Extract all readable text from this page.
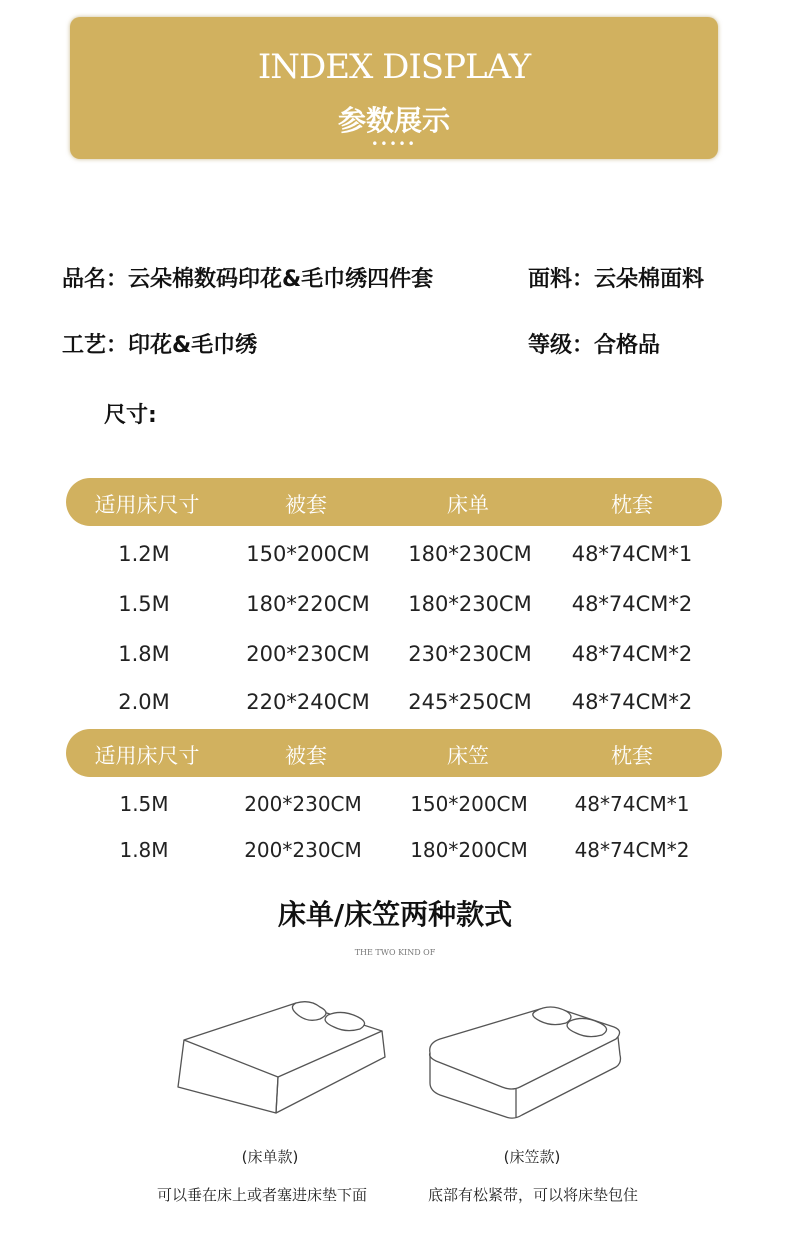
INDEX DISPLAY
参数展示
•••••
品名：云朵棉数码印花&毛巾绣四件套	面料：云朵棉面料
工艺：印花&毛巾绣	等级：合格品
尺寸:
适用床尺寸	被套	床单	枕套
1.2M	150*200CM	180*230CM	48*74CM*1
1.5M	180*220CM	180*230CM	48*74CM*2
1.8M	200*230CM	230*230CM	48*74CM*2
2.0M	220*240CM	245*250CM	48*74CM*2
适用床尺寸	被套	床笠	枕套
1.5M	200*230CM	150*200CM	48*74CM*1
1.8M	200*230CM	180*200CM	48*74CM*2
床单/床笠两种款式
THE TWO KIND OF
(床单款)	(床笠款)
可以垂在床上或者塞进床垫下面	底部有松紧带，可以将床垫包住
